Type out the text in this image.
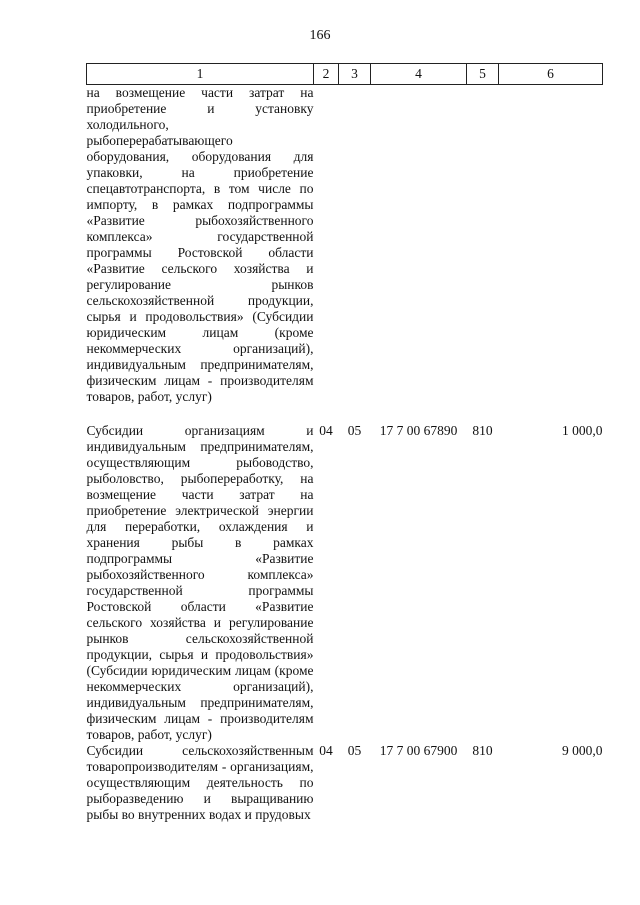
166
1	2	3	4	5	6
на возмещение части затрат на приобретение и установку холодильного, рыбоперерабатывающего оборудования, оборудования для упаковки, на приобретение спецавтотранспорта, в том числе по импорту, в рамках подпрограммы «Развитие рыбохозяйственного комплекса» государственной программы Ростовской области «Развитие сельского хозяйства и регулирование рынков сельскохозяйственной продукции, сырья и продовольствия» (Субсидии юридическим лицам (кроме некоммерческих организаций), индивидуальным предпринимателям, физическим лицам - производителям товаров, работ, услуг)					
Субсидии организациям и индивидуальным предпринимателям, осуществляющим рыбоводство, рыболовство, рыбопереработку, на возмещение части затрат на приобретение электрической энергии для переработки, охлаждения и хранения рыбы в рамках подпрограммы «Развитие рыбохозяйственного комплекса» государственной программы Ростовской области «Развитие сельского хозяйства и регулирование рынков сельскохозяйственной продукции, сырья и продовольствия» (Субсидии юридическим лицам (кроме некоммерческих организаций), индивидуальным предпринимателям, физическим лицам - производителям товаров, работ, услуг)	04	05	17 7 00 67890	810	1 000,0
Субсидии сельскохозяйственным товаропроизводителям - организациям, осуществляющим деятельность по рыборазведению и выращиванию рыбы во внутренних водах и прудовых	04	05	17 7 00 67900	810	9 000,0
